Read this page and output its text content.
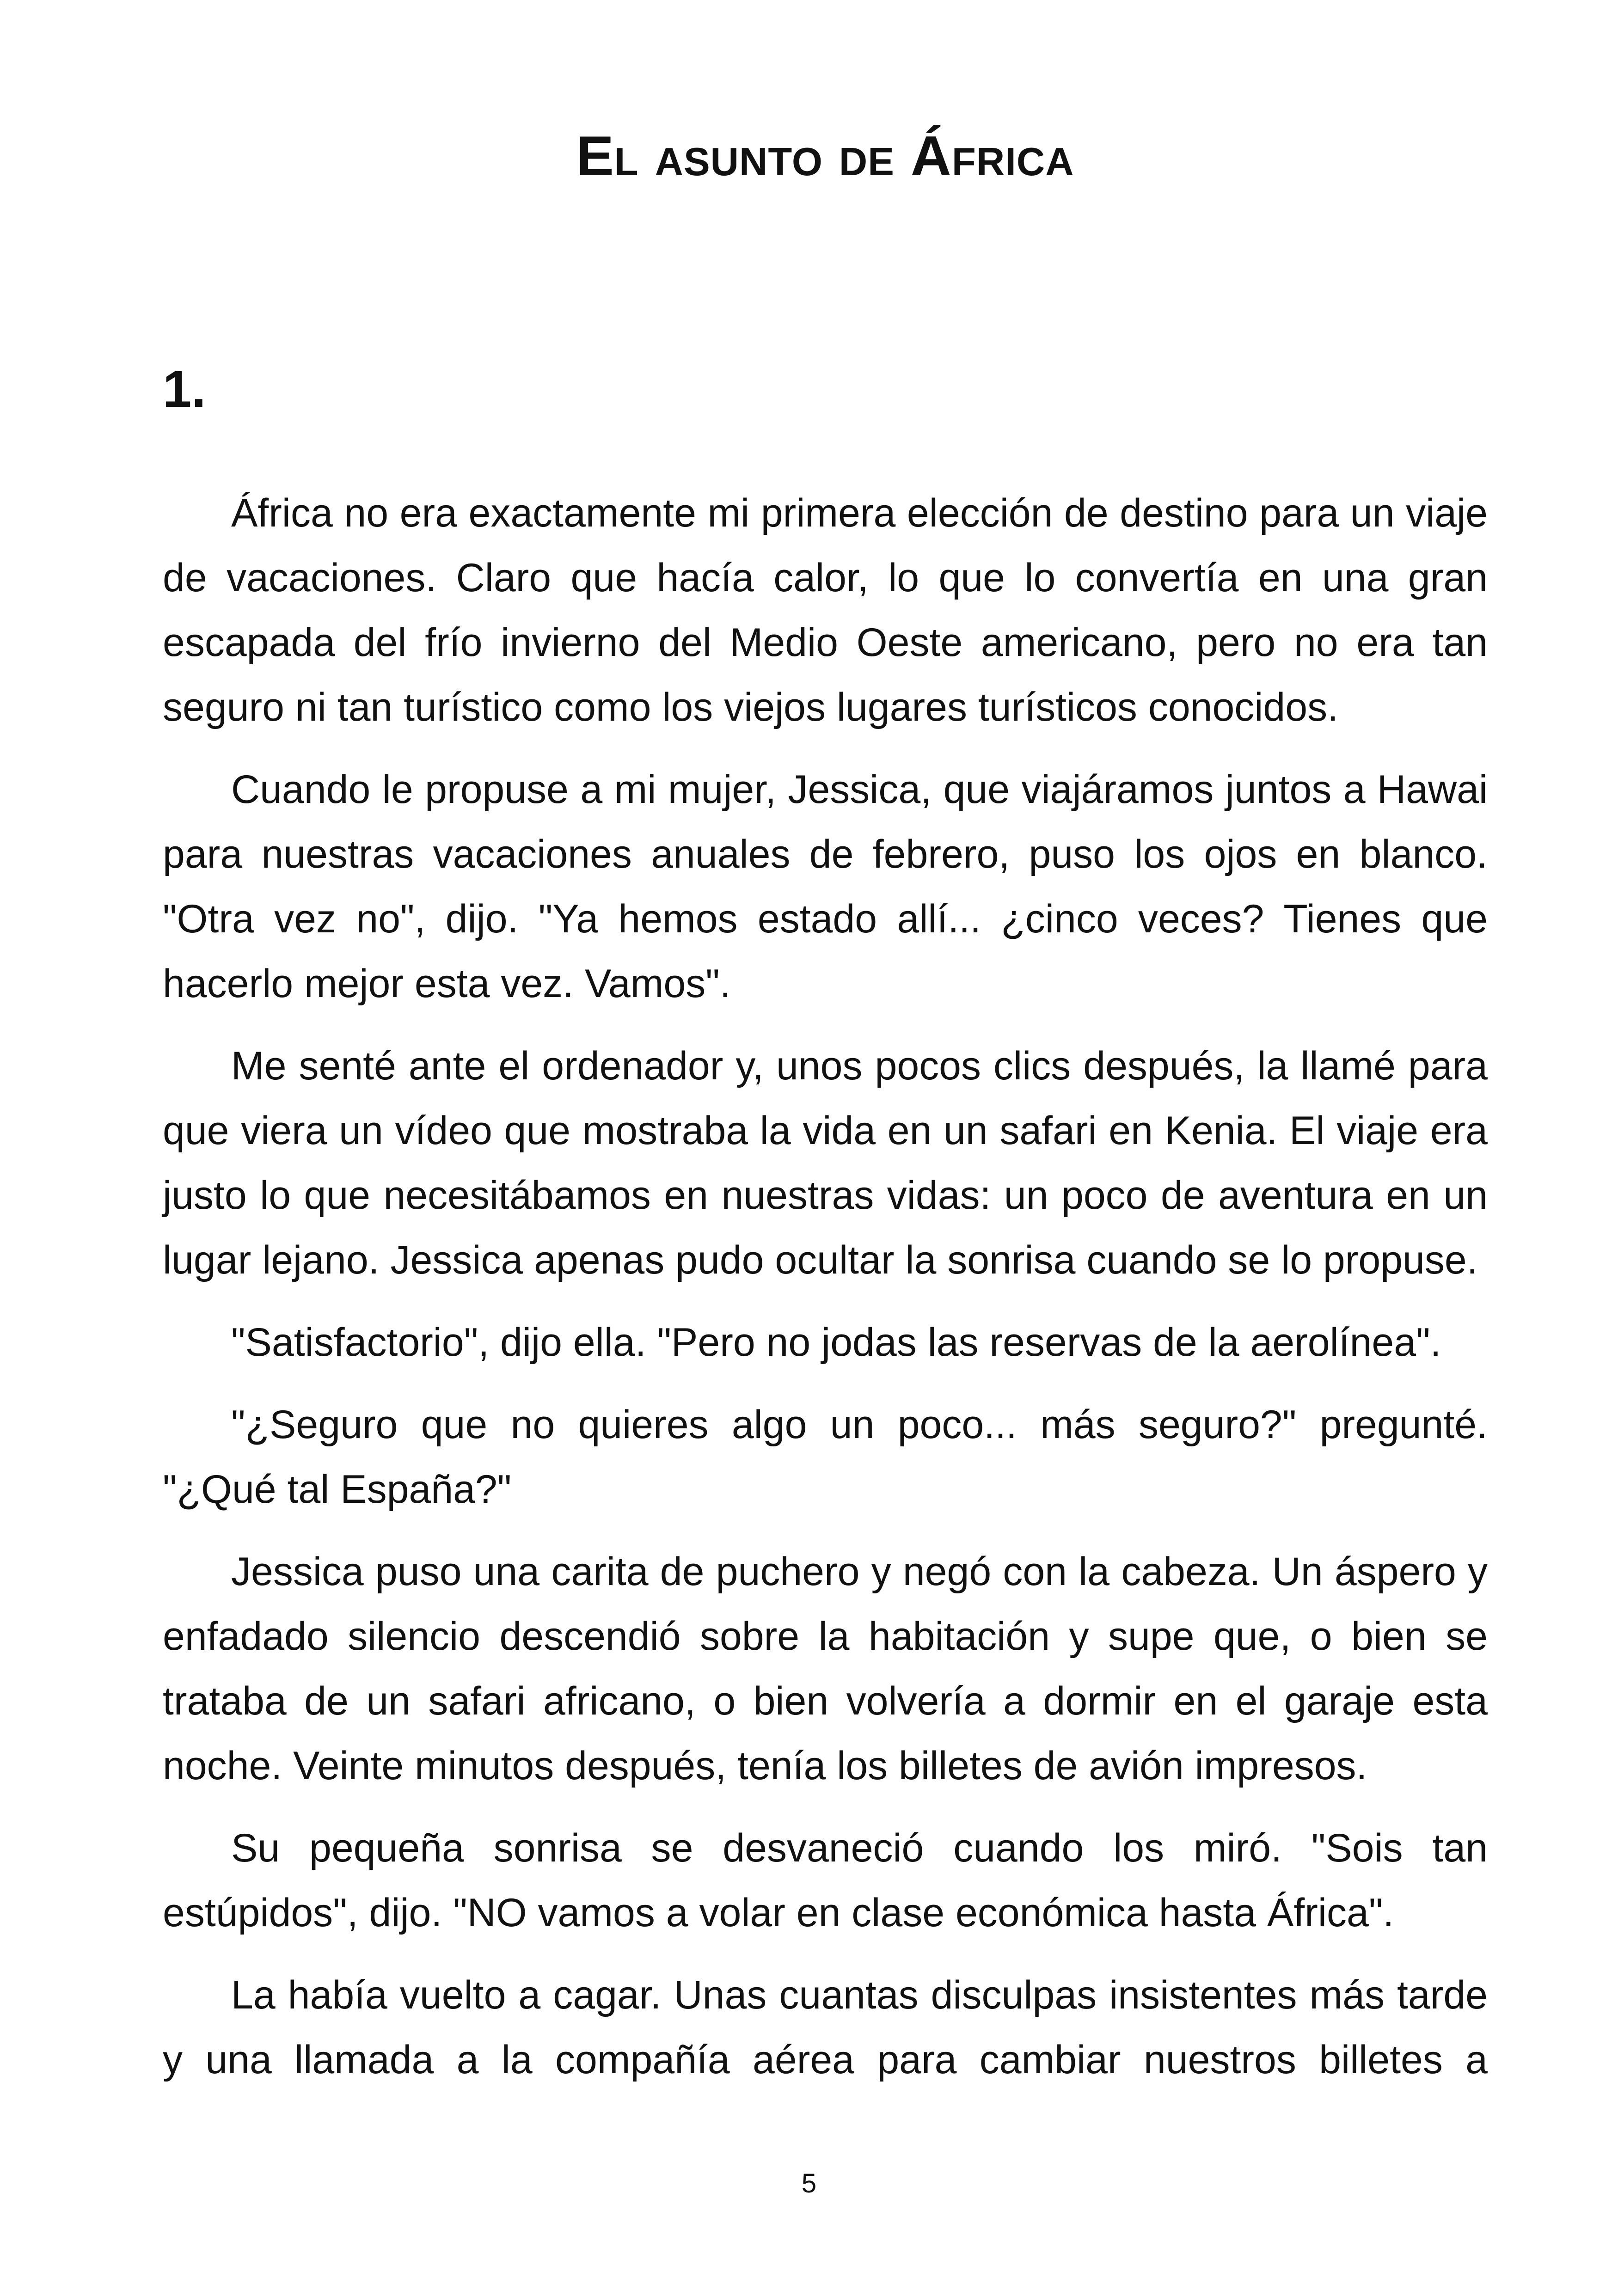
El asunto de África
1.

África no era exactamente mi primera elección de destino para un viaje de vacaciones. Claro que hacía calor, lo que lo convertía en una gran escapada del frío invierno del Medio Oeste americano, pero no era tan seguro ni tan turístico como los viejos lugares turísticos conocidos.

Cuando le propuse a mi mujer, Jessica, que viajáramos juntos a Hawai para nuestras vacaciones anuales de febrero, puso los ojos en blanco. "Otra vez no", dijo. "Ya hemos estado allí... ¿cinco veces? Tienes que hacerlo mejor esta vez. Vamos".

Me senté ante el ordenador y, unos pocos clics después, la llamé para que viera un vídeo que mostraba la vida en un safari en Kenia. El viaje era justo lo que necesitábamos en nuestras vidas: un poco de aventura en un lugar lejano. Jessica apenas pudo ocultar la sonrisa cuando se lo propuse.

"Satisfactorio", dijo ella. "Pero no jodas las reservas de la aerolínea".

"¿Seguro que no quieres algo un poco... más seguro?" pregunté. "¿Qué tal España?"

Jessica puso una carita de puchero y negó con la cabeza. Un áspero y enfadado silencio descendió sobre la habitación y supe que, o bien se trataba de un safari africano, o bien volvería a dormir en el garaje esta noche. Veinte minutos después, tenía los billetes de avión impresos.

Su pequeña sonrisa se desvaneció cuando los miró. "Sois tan estúpidos", dijo. "NO vamos a volar en clase económica hasta África".

La había vuelto a cagar. Unas cuantas disculpas insistentes más tarde y una llamada a la compañía aérea para cambiar nuestros billetes a

5
